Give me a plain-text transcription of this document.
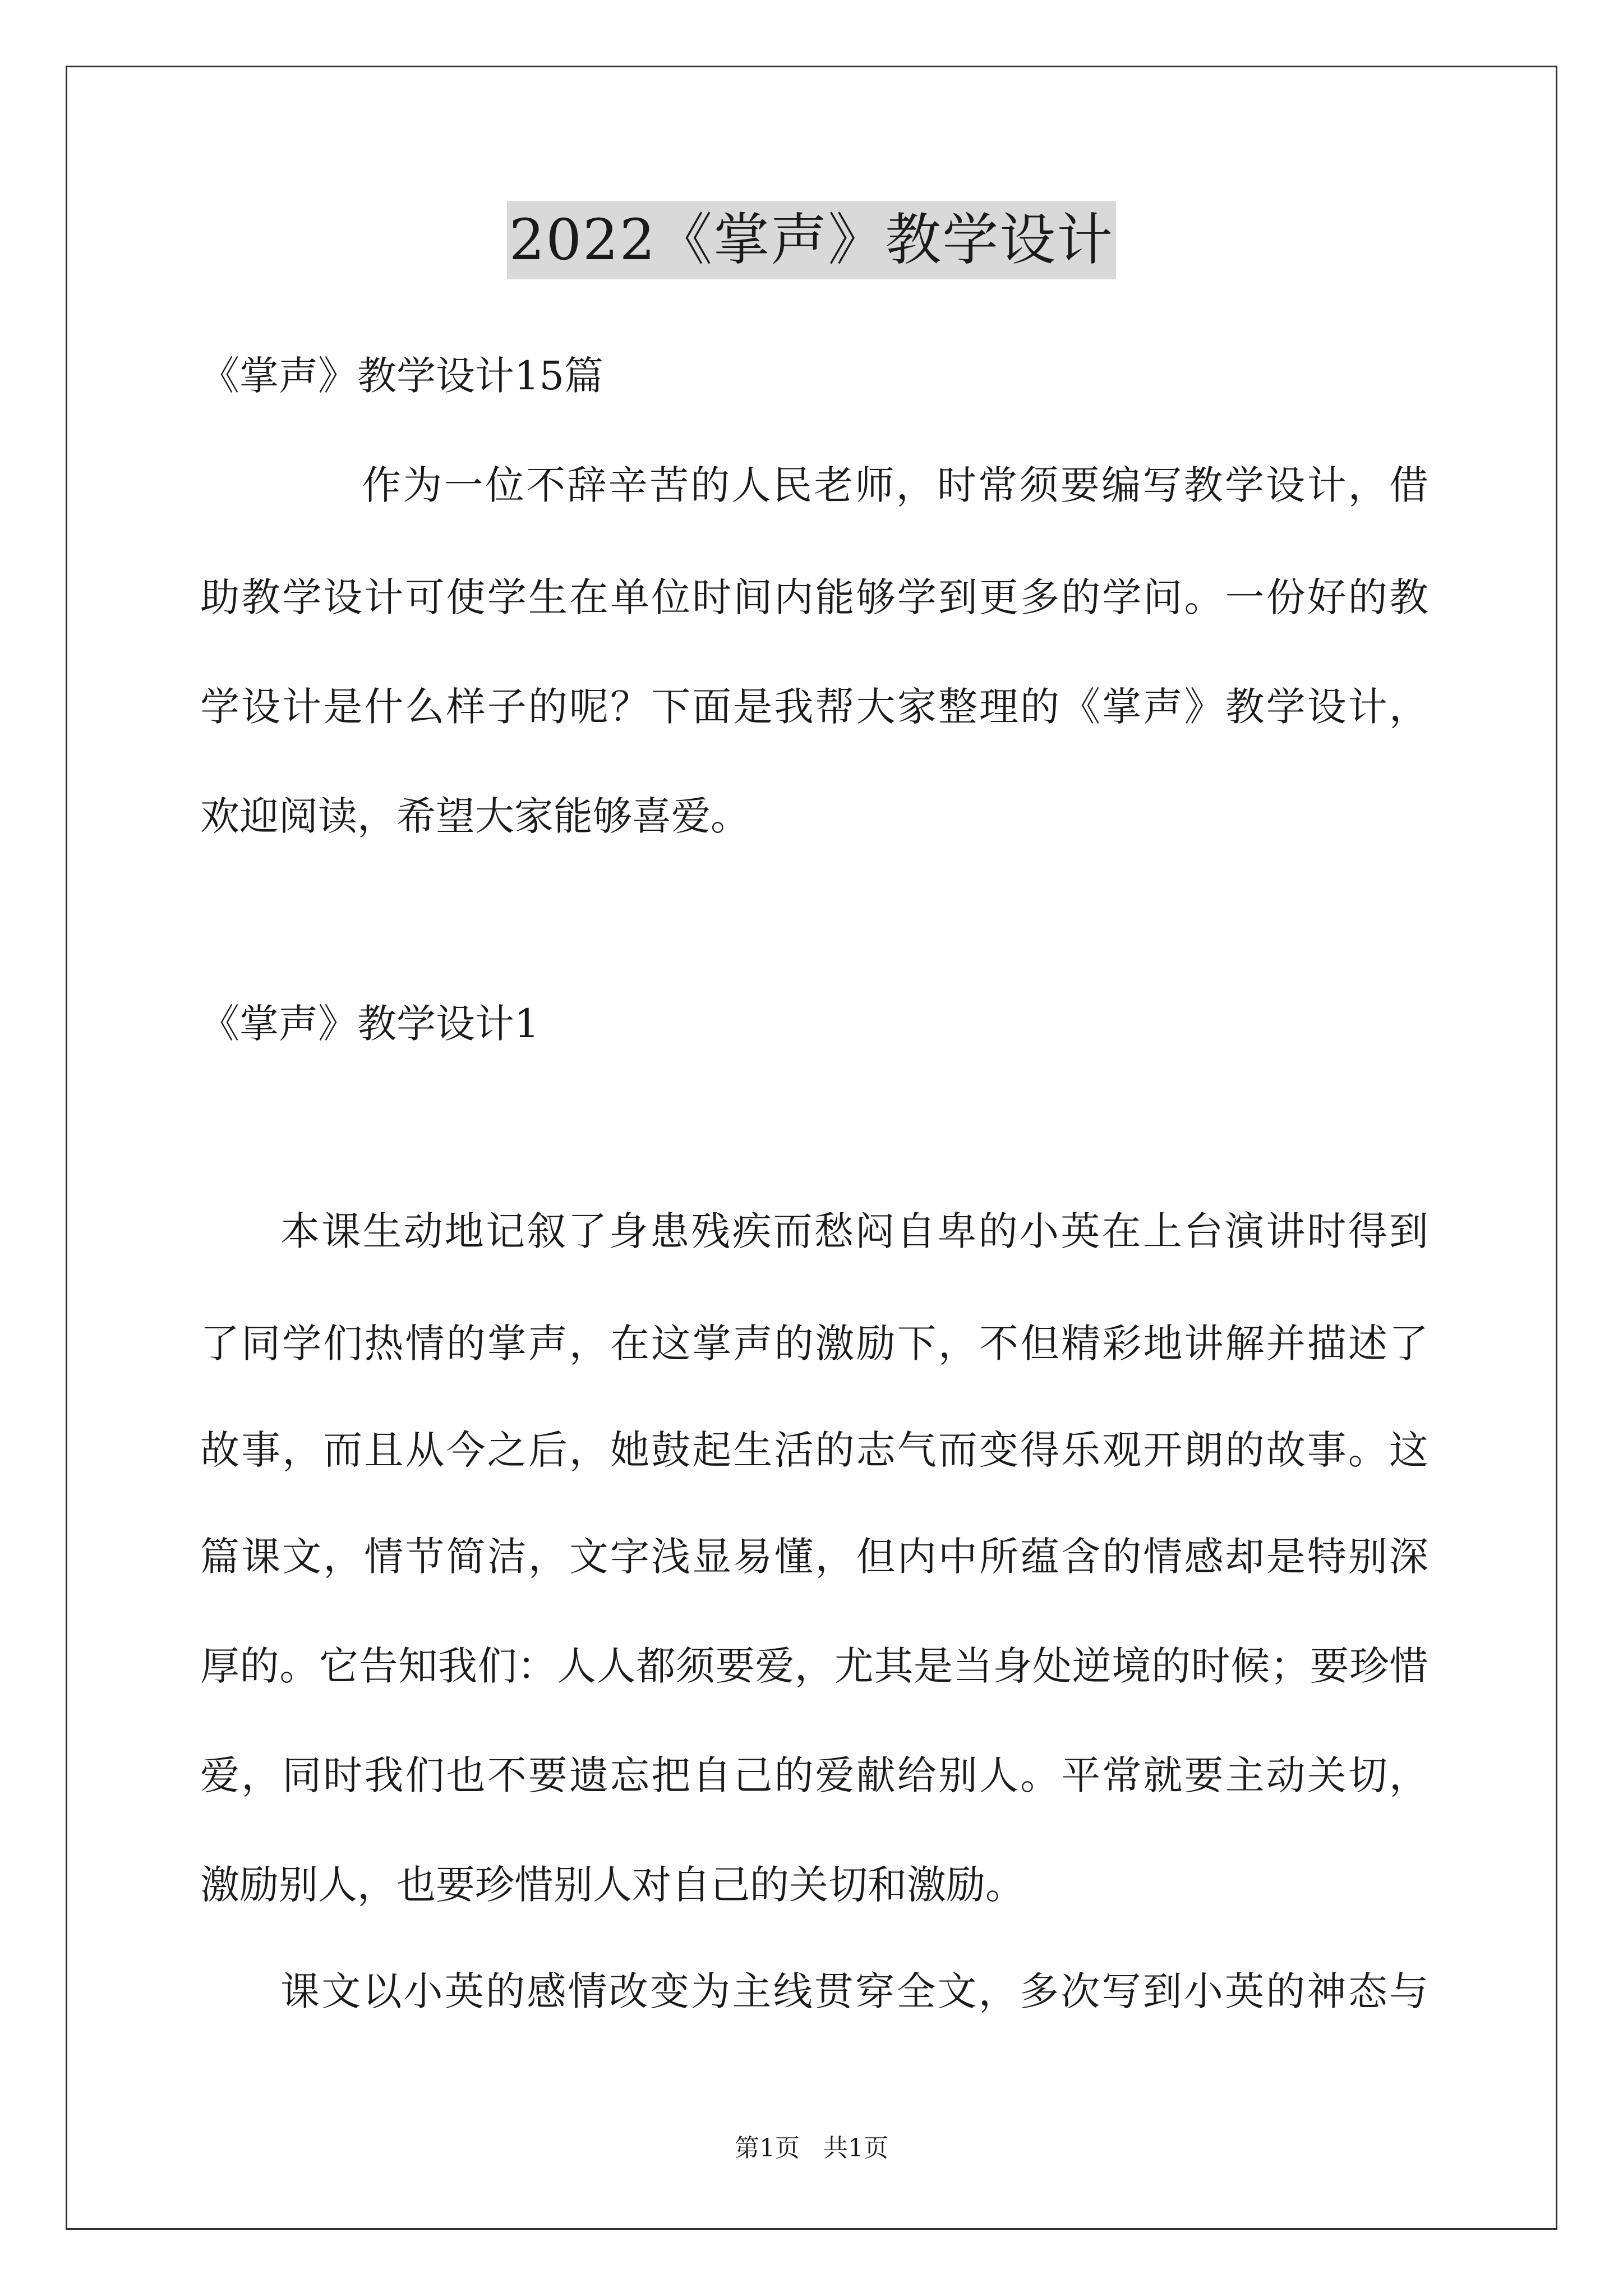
2022《掌声》教学设计
《掌声》教学设计15篇
作为一位不辞辛苦的人民老师，时常须要编写教学设计，借
助教学设计可使学生在单位时间内能够学到更多的学问。一份好的教
学设计是什么样子的呢？下面是我帮大家整理的《掌声》教学设计，
欢迎阅读，希望大家能够喜爱。
《掌声》教学设计1
本课生动地记叙了身患残疾而愁闷自卑的小英在上台演讲时得到
了同学们热情的掌声，在这掌声的激励下，不但精彩地讲解并描述了
故事，而且从今之后，她鼓起生活的志气而变得乐观开朗的故事。这
篇课文，情节简洁，文字浅显易懂，但内中所蕴含的情感却是特别深
厚的。它告知我们：人人都须要爱，尤其是当身处逆境的时候；要珍惜
爱，同时我们也不要遗忘把自己的爱献给别人。平常就要主动关切，
激励别人，也要珍惜别人对自己的关切和激励。
课文以小英的感情改变为主线贯穿全文，多次写到小英的神态与
第1页   共1页
